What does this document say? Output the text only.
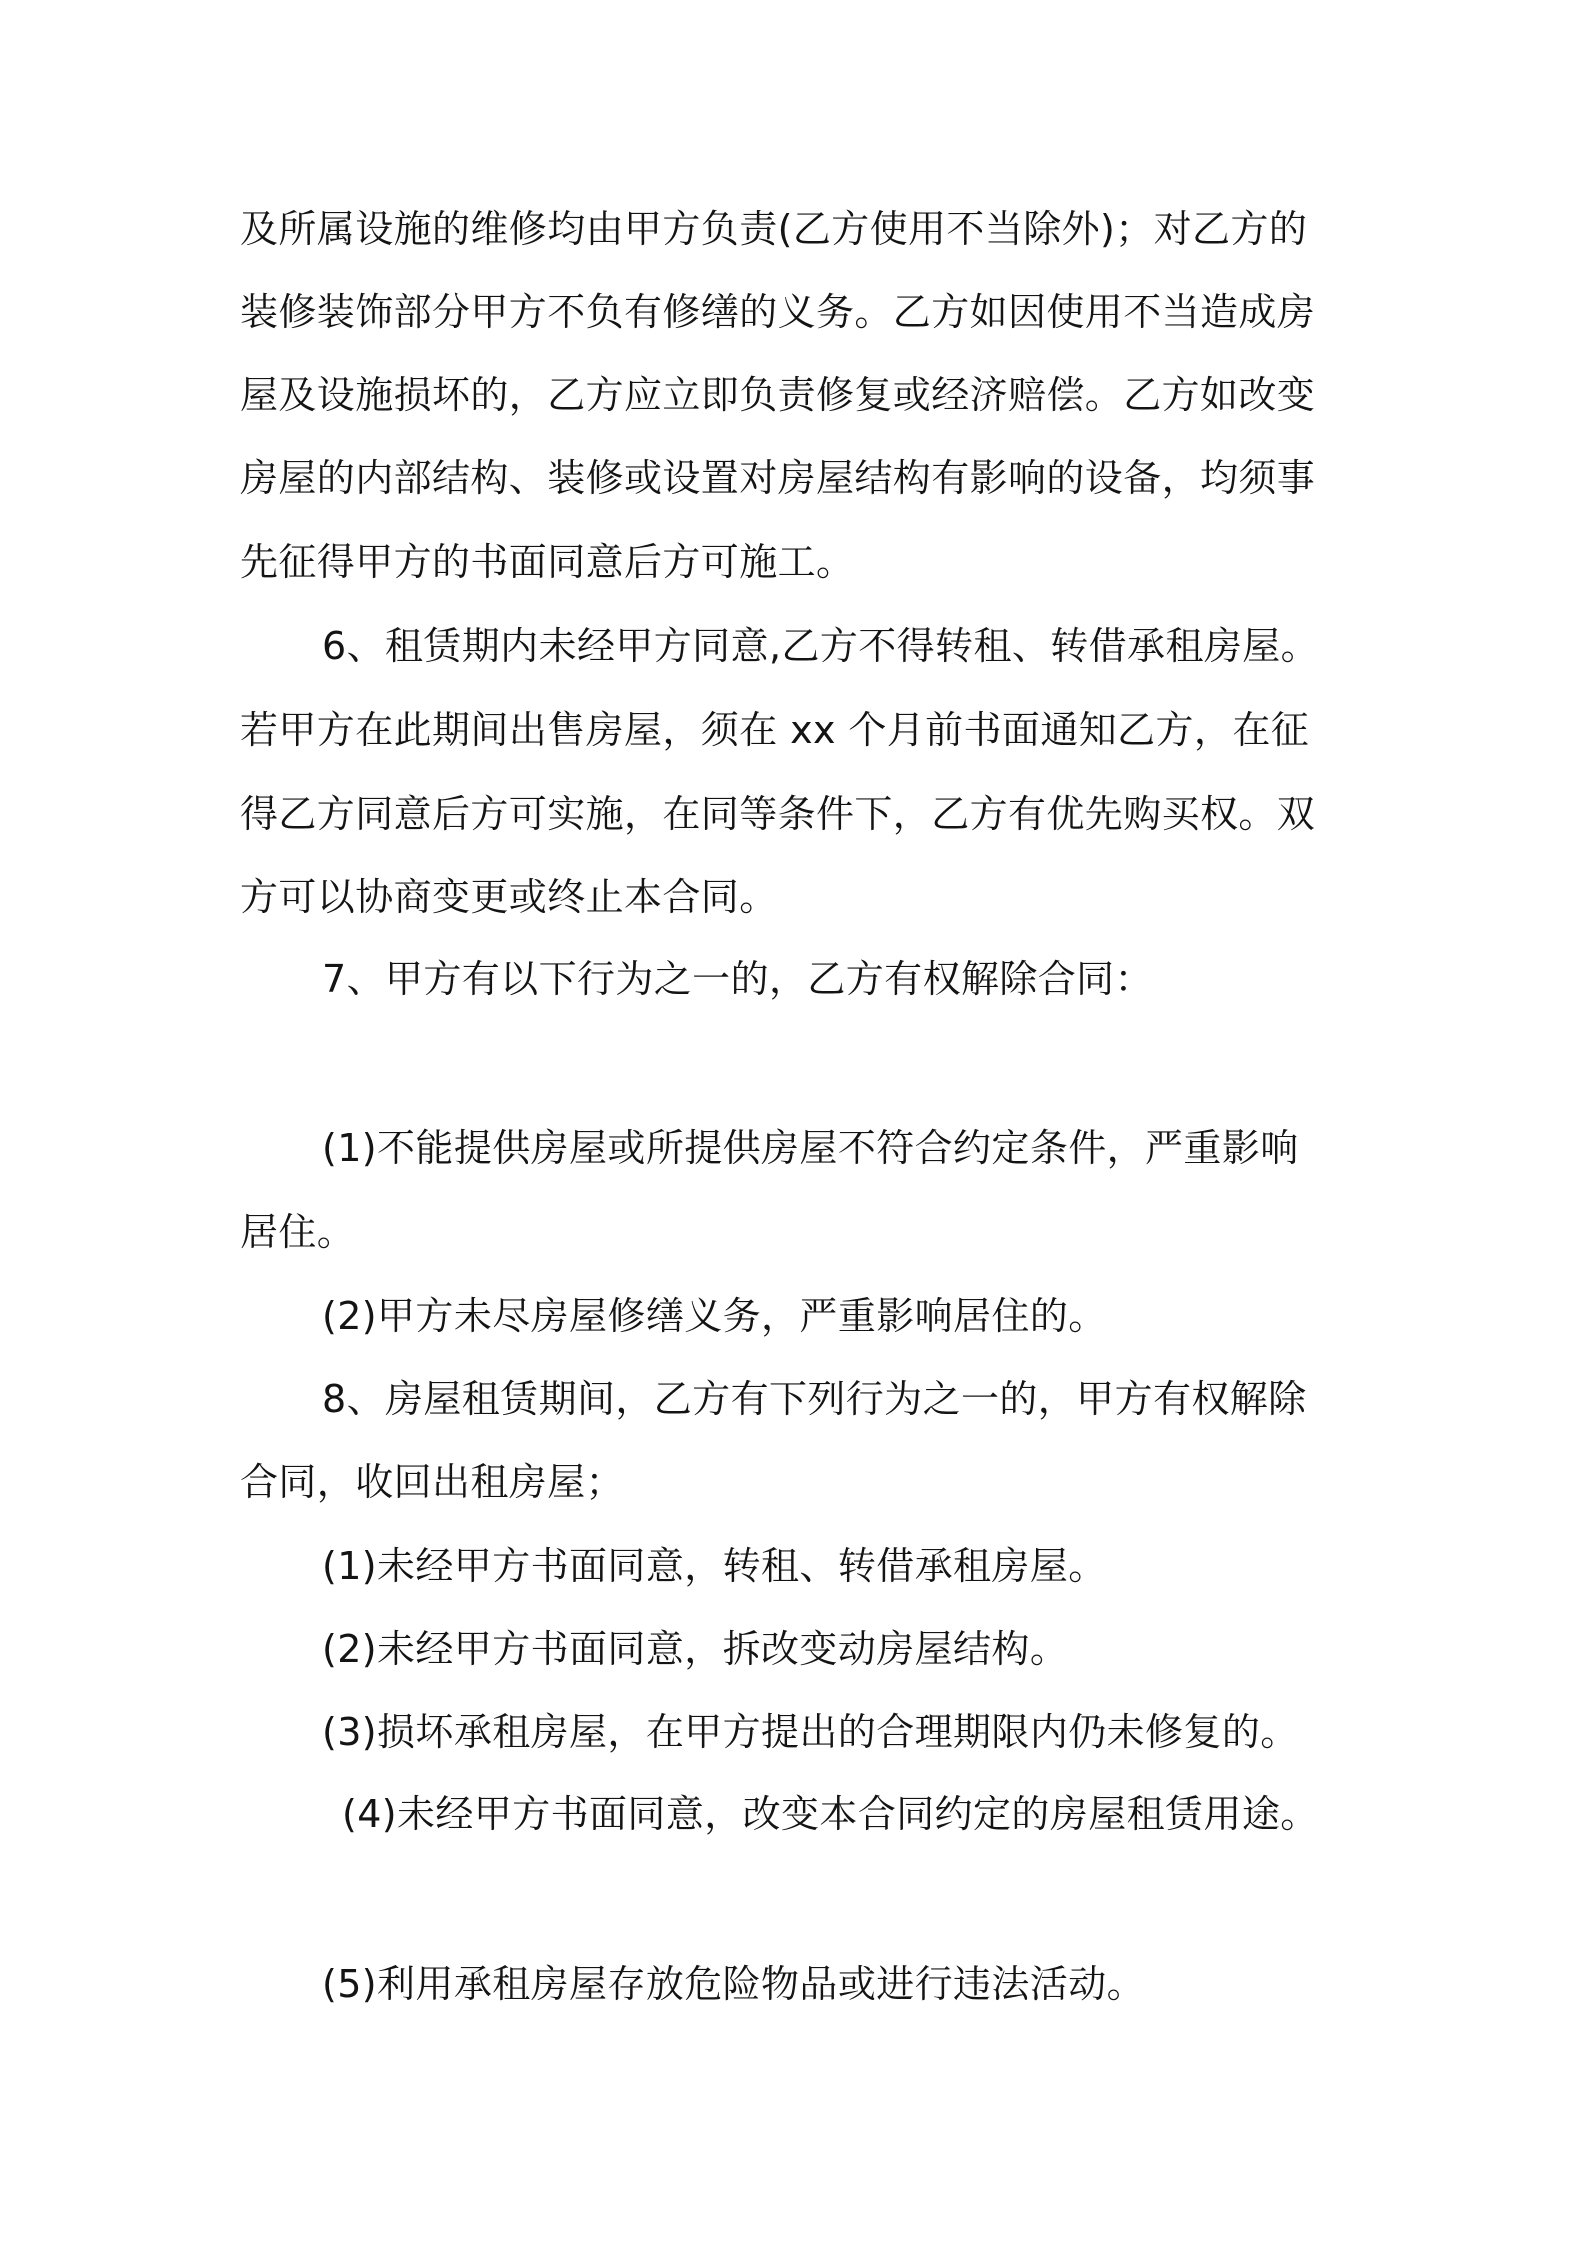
及所属设施的维修均由甲方负责(乙方使用不当除外)；对乙方的
装修装饰部分甲方不负有修缮的义务。乙方如因使用不当造成房
屋及设施损坏的，乙方应立即负责修复或经济赔偿。乙方如改变
房屋的内部结构、装修或设置对房屋结构有影响的设备，均须事
先征得甲方的书面同意后方可施工。
6、租赁期内未经甲方同意,乙方不得转租、转借承租房屋。
若甲方在此期间出售房屋，须在 xx 个月前书面通知乙方，在征
得乙方同意后方可实施，在同等条件下，乙方有优先购买权。双
方可以协商变更或终止本合同。
7、甲方有以下行为之一的，乙方有权解除合同：
(1)不能提供房屋或所提供房屋不符合约定条件，严重影响
居住。
(2)甲方未尽房屋修缮义务，严重影响居住的。
8、房屋租赁期间，乙方有下列行为之一的，甲方有权解除
合同，收回出租房屋；
(1)未经甲方书面同意，转租、转借承租房屋。
(2)未经甲方书面同意，拆改变动房屋结构。
(3)损坏承租房屋，在甲方提出的合理期限内仍未修复的。
(4)未经甲方书面同意，改变本合同约定的房屋租赁用途。
(5)利用承租房屋存放危险物品或进行违法活动。
